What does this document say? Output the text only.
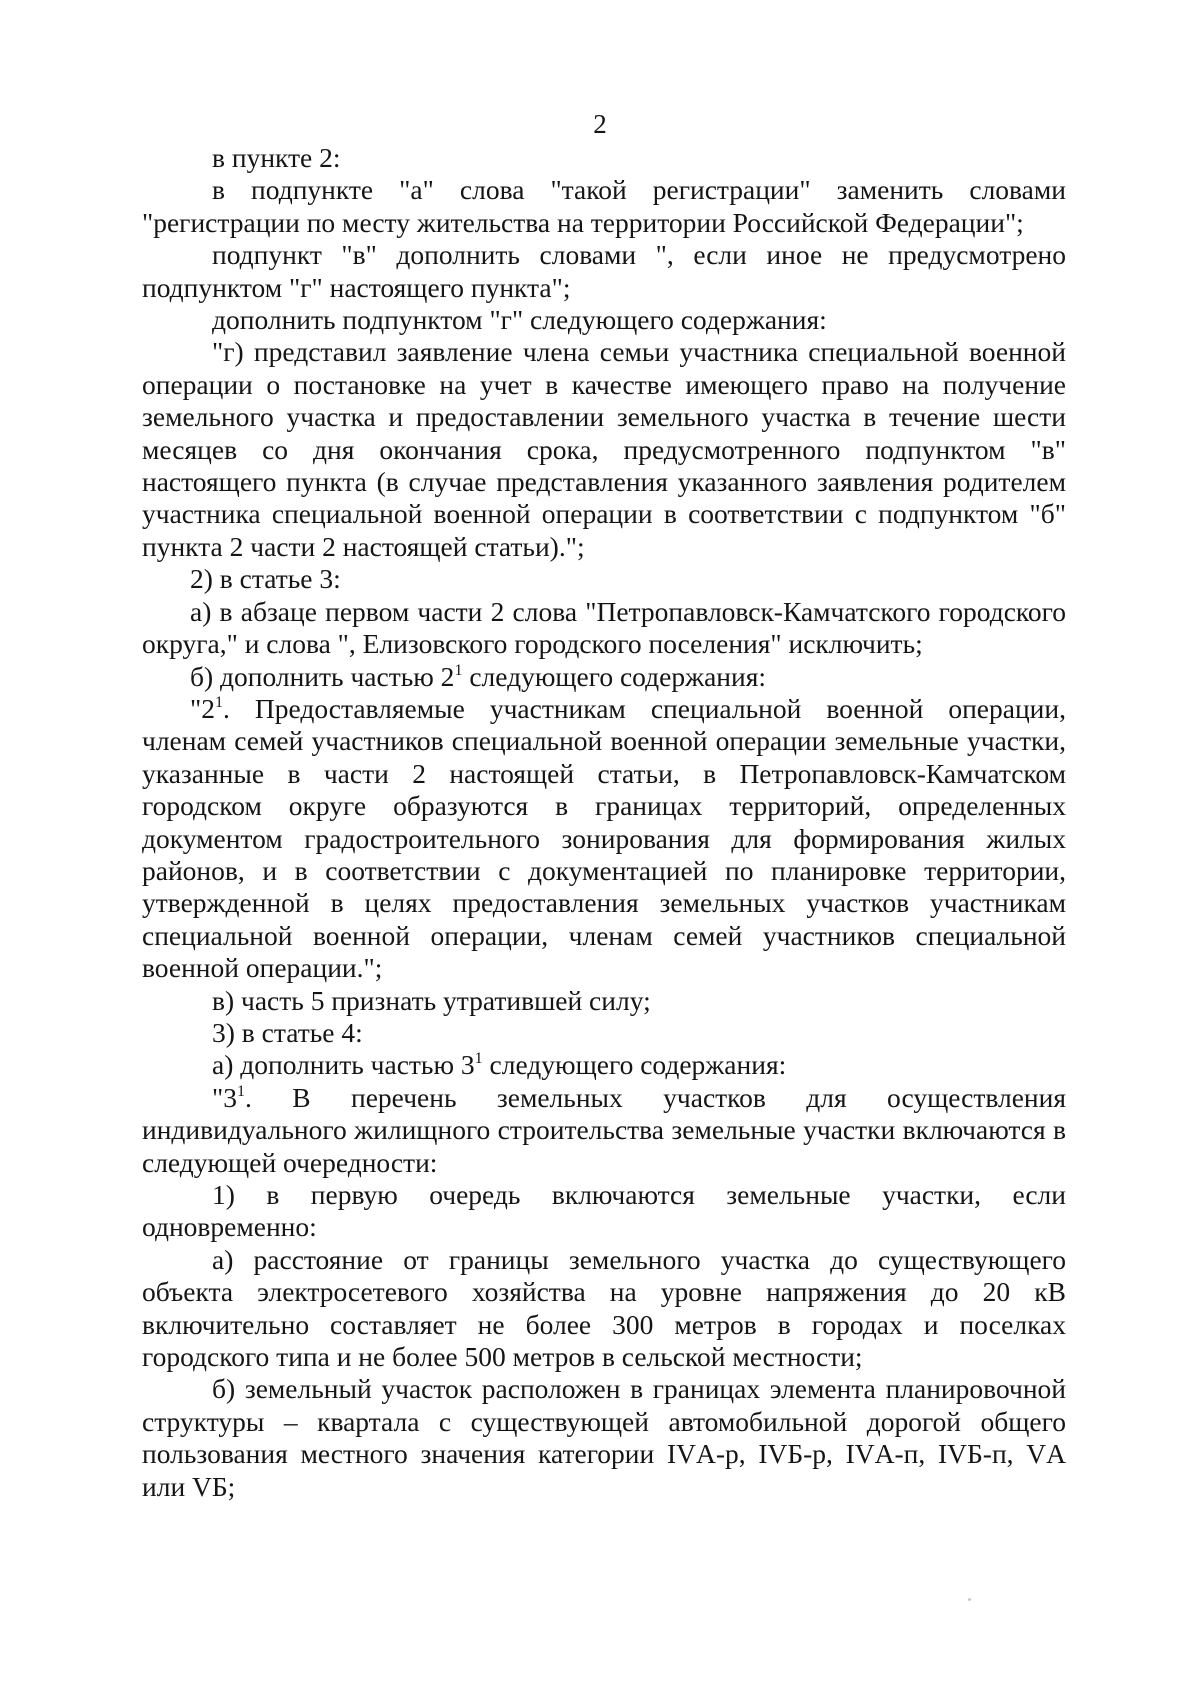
2

в пункте 2:

в подпункте "а" слова "такой регистрации" заменить словами "регистрации по месту жительства на территории Российской Федерации";

подпункт "в" дополнить словами ", если иное не предусмотрено подпунктом "г" настоящего пункта";

дополнить подпунктом "г" следующего содержания:

"г) представил заявление члена семьи участника специальной военной операции о постановке на учет в качестве имеющего право на получение земельного участка и предоставлении земельного участка в течение шести месяцев со дня окончания срока, предусмотренного подпунктом "в" настоящего пункта (в случае представления указанного заявления родителем участника специальной военной операции в соответствии с подпунктом "б" пункта 2 части 2 настоящей статьи).";

2) в статье 3:

а) в абзаце первом части 2 слова "Петропавловск-Камчатского городского округа," и слова ", Елизовского городского поселения" исключить;

б) дополнить частью $2^1$ следующего содержания:

"$2^1$. Предоставляемые участникам специальной военной операции, членам семей участников специальной военной операции земельные участки, указанные в части 2 настоящей статьи, в Петропавловск-Камчатском городском округе образуются в границах территорий, определенных документом градостроительного зонирования для формирования жилых районов, и в соответствии с документацией по планировке территории, утвержденной в целях предоставления земельных участков участникам специальной военной операции, членам семей участников специальной военной операции.";

в) часть 5 признать утратившей силу;

3) в статье 4:

а) дополнить частью $3^1$ следующего содержания:

"$3^1$. В перечень земельных участков для осуществления индивидуального жилищного строительства земельные участки включаются в следующей очередности:

1) в первую очередь включаются земельные участки, если одновременно:

а) расстояние от границы земельного участка до существующего объекта электросетевого хозяйства на уровне напряжения до 20 кВ включительно составляет не более 300 метров в городах и поселках городского типа и не более 500 метров в сельской местности;

б) земельный участок расположен в границах элемента планировочной структуры – квартала с существующей автомобильной дорогой общего пользования местного значения категории IVА-р, IVБ-р, IVА-п, IVБ-п, VА или VБ;
